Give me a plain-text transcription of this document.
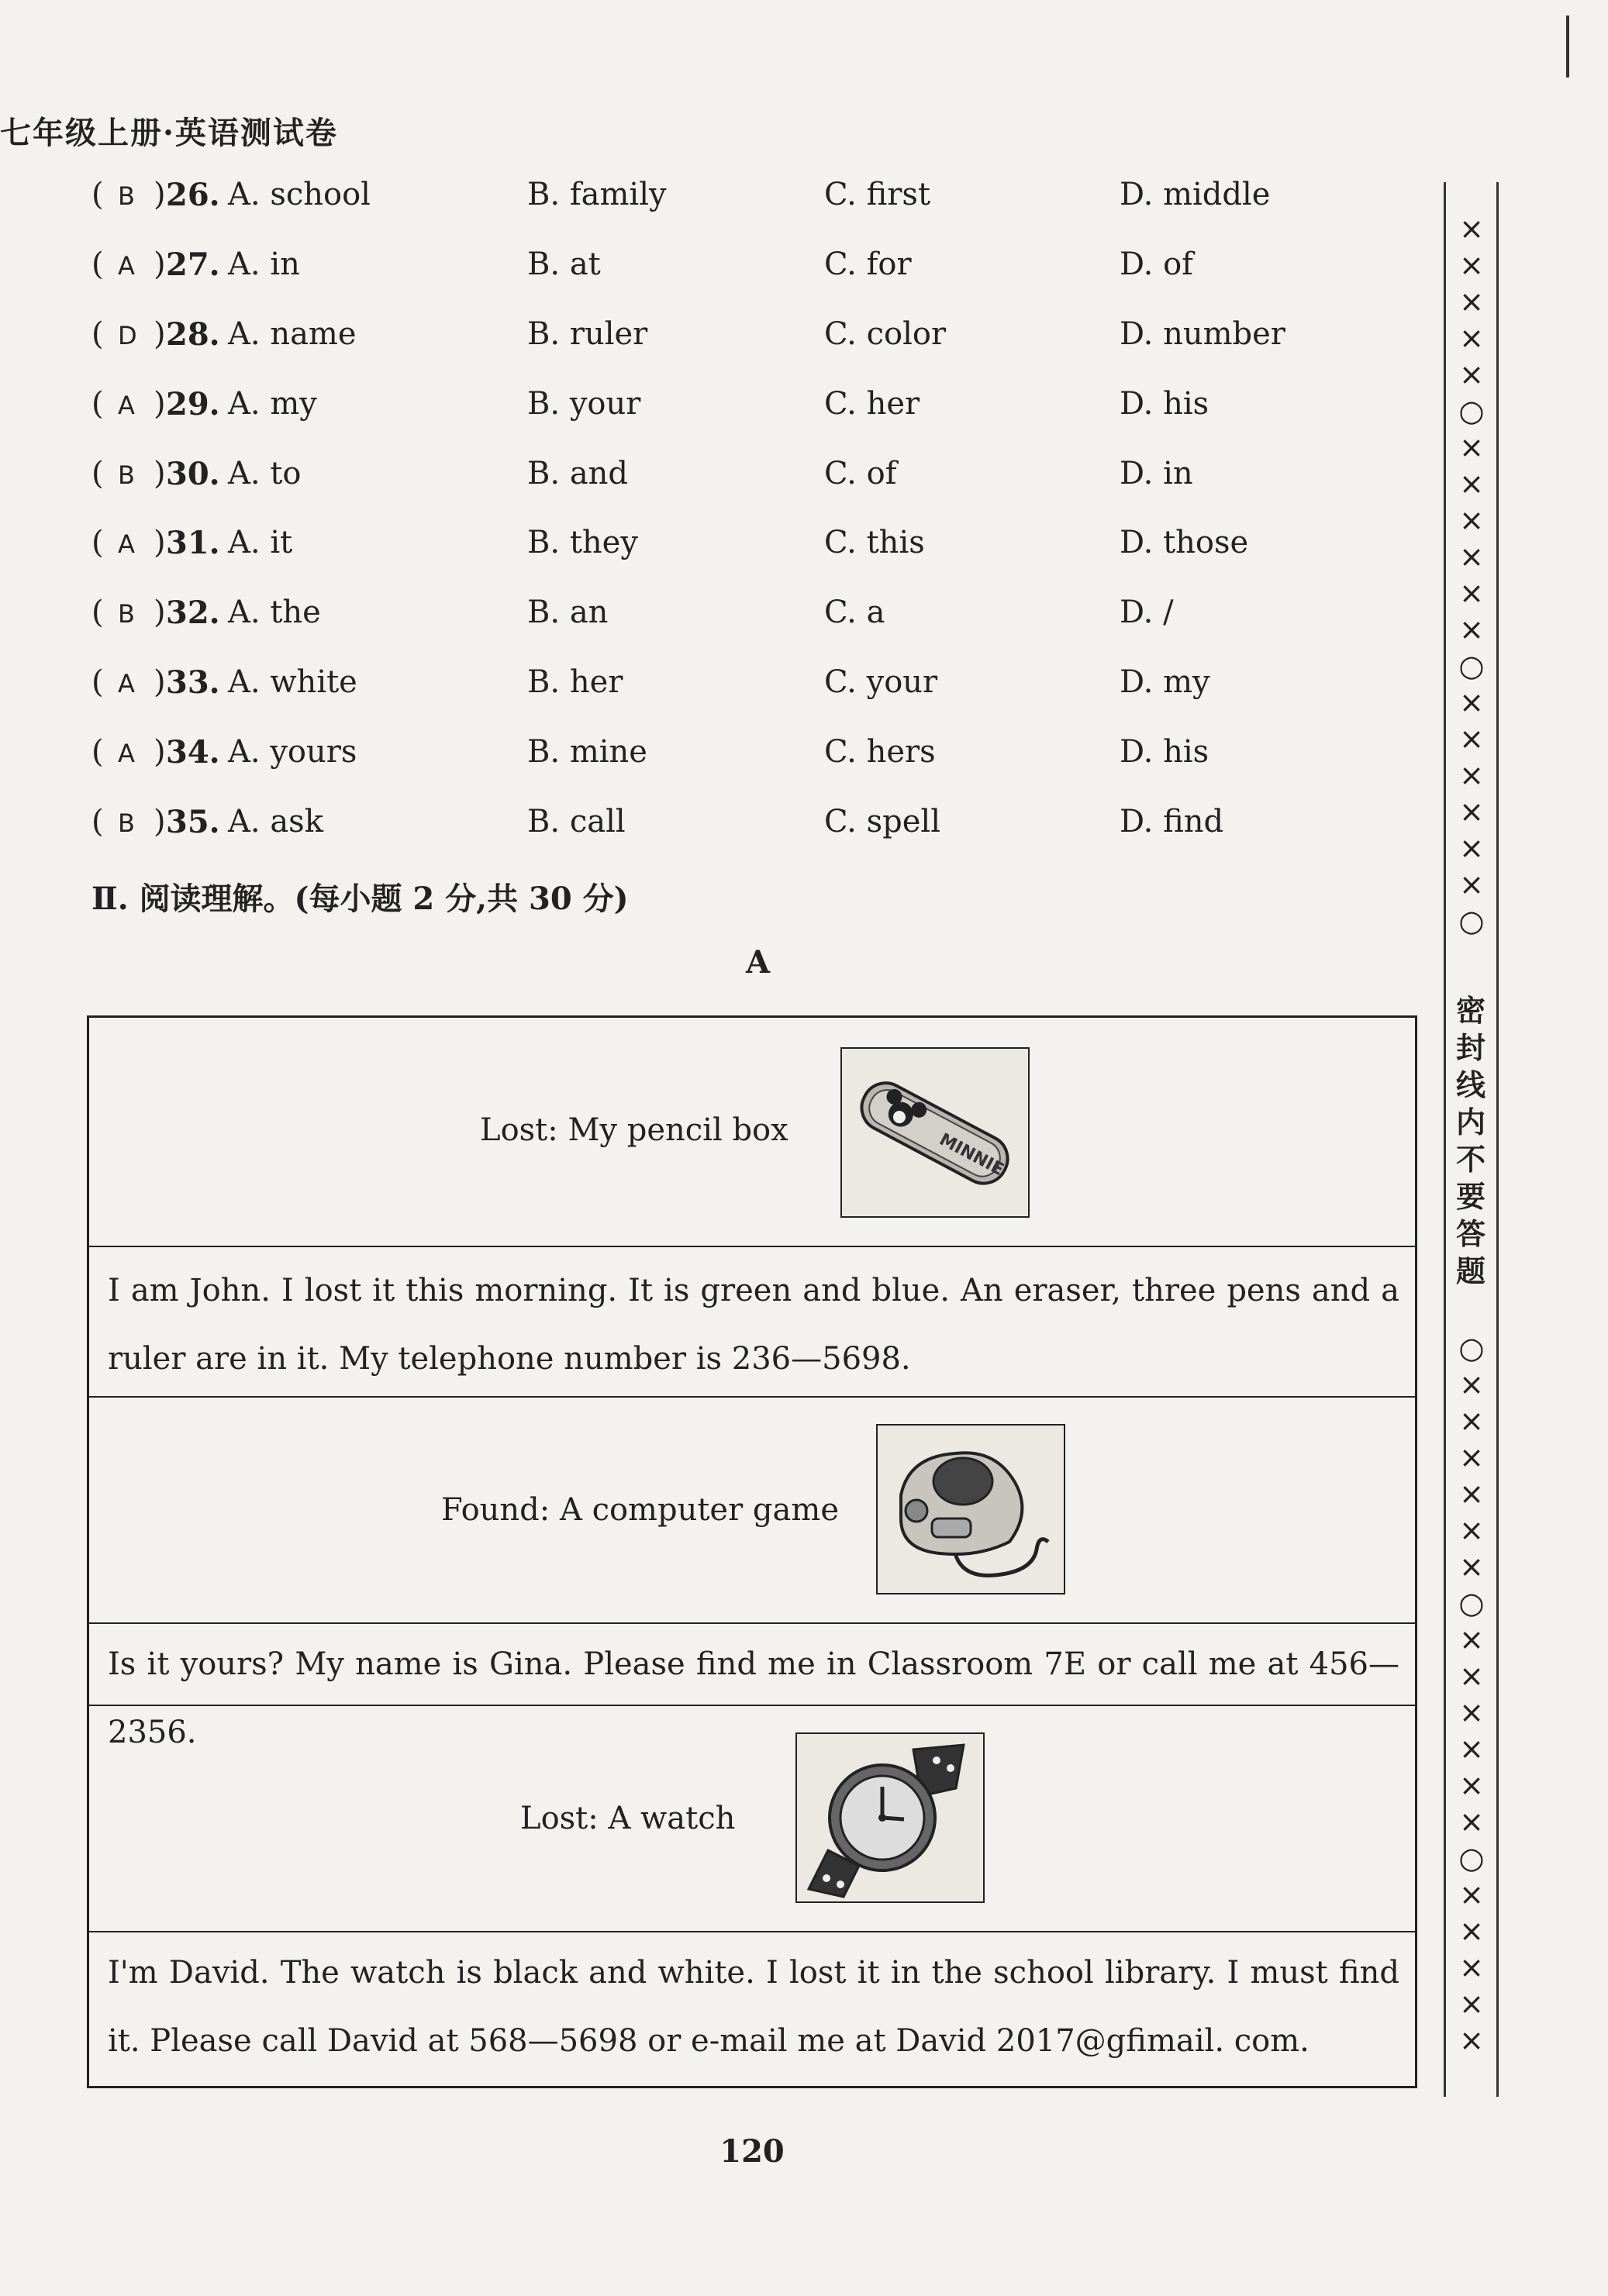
七年级上册·英语测试卷
( B ) 26. A. school	B. family	C. first	D. middle
( A ) 27. A. in	B. at	C. for	D. of
( D ) 28. A. name	B. ruler	C. color	D. number
( A ) 29. A. my	B. your	C. her	D. his
( B ) 30. A. to	B. and	C. of	D. in
( A ) 31. A. it	B. they	C. this	D. those
( B ) 32. A. the	B. an	C. a	D. /
( A ) 33. A. white	B. her	C. your	D. my
( A ) 34. A. yours	B. mine	C. hers	D. his
( B ) 35. A. ask	B. call	C. spell	D. find
Ⅱ. 阅读理解。(每小题 2 分,共 30 分)
A
Lost: My pencil box	MINNIE
I am John. I lost it this morning. It is green and blue. An eraser, three pens and a ruler are in it. My telephone number is 236—5698.
Found: A computer game
Is it yours? My name is Gina. Please find me in Classroom 7E or call me at 456—2356.
Lost: A watch
I'm David. The watch is black and white. I lost it in the school library. I must find it. Please call David at 568—5698 or e-mail me at David 2017@gfimail. com.
×
×
×
×
×
○
×
×
×
×
×
×
○
×
×
×
×
×
×
○
密封线内不要答题
○
×
×
×
×
×
×
○
×
×
×
×
×
×
○
×
×
×
×
×
120
